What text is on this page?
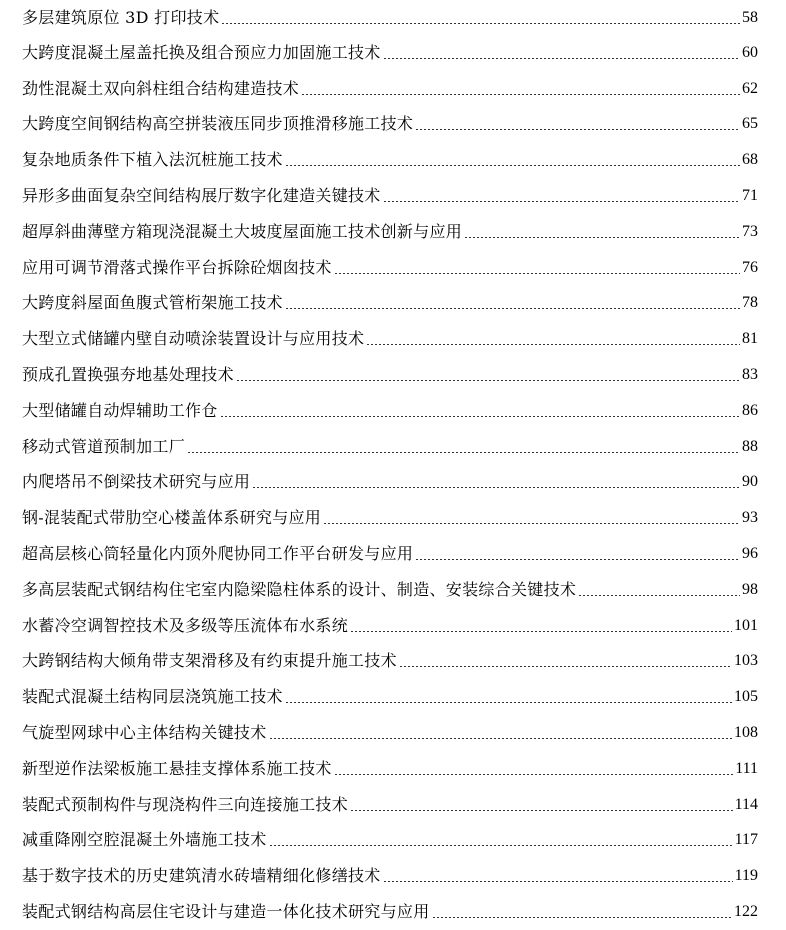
多层建筑原位 3D 打印技术	58
大跨度混凝土屋盖托换及组合预应力加固施工技术	60
劲性混凝土双向斜柱组合结构建造技术	62
大跨度空间钢结构高空拼装液压同步顶推滑移施工技术	65
复杂地质条件下植入法沉桩施工技术	68
异形多曲面复杂空间结构展厅数字化建造关键技术	71
超厚斜曲薄壁方箱现浇混凝土大坡度屋面施工技术创新与应用	73
应用可调节滑落式操作平台拆除砼烟囱技术	76
大跨度斜屋面鱼腹式管桁架施工技术	78
大型立式储罐内壁自动喷涂装置设计与应用技术	81
预成孔置换强夯地基处理技术	83
大型储罐自动焊辅助工作仓	86
移动式管道预制加工厂	88
内爬塔吊不倒梁技术研究与应用	90
钢-混装配式带肋空心楼盖体系研究与应用	93
超高层核心筒轻量化内顶外爬协同工作平台研发与应用	96
多高层装配式钢结构住宅室内隐梁隐柱体系的设计、制造、安装综合关键技术	98
水蓄冷空调智控技术及多级等压流体布水系统	101
大跨钢结构大倾角带支架滑移及有约束提升施工技术	103
装配式混凝土结构同层浇筑施工技术	105
气旋型网球中心主体结构关键技术	108
新型逆作法梁板施工悬挂支撑体系施工技术	111
装配式预制构件与现浇构件三向连接施工技术	114
减重降刚空腔混凝土外墙施工技术	117
基于数字技术的历史建筑清水砖墙精细化修缮技术	119
装配式钢结构高层住宅设计与建造一体化技术研究与应用	122
